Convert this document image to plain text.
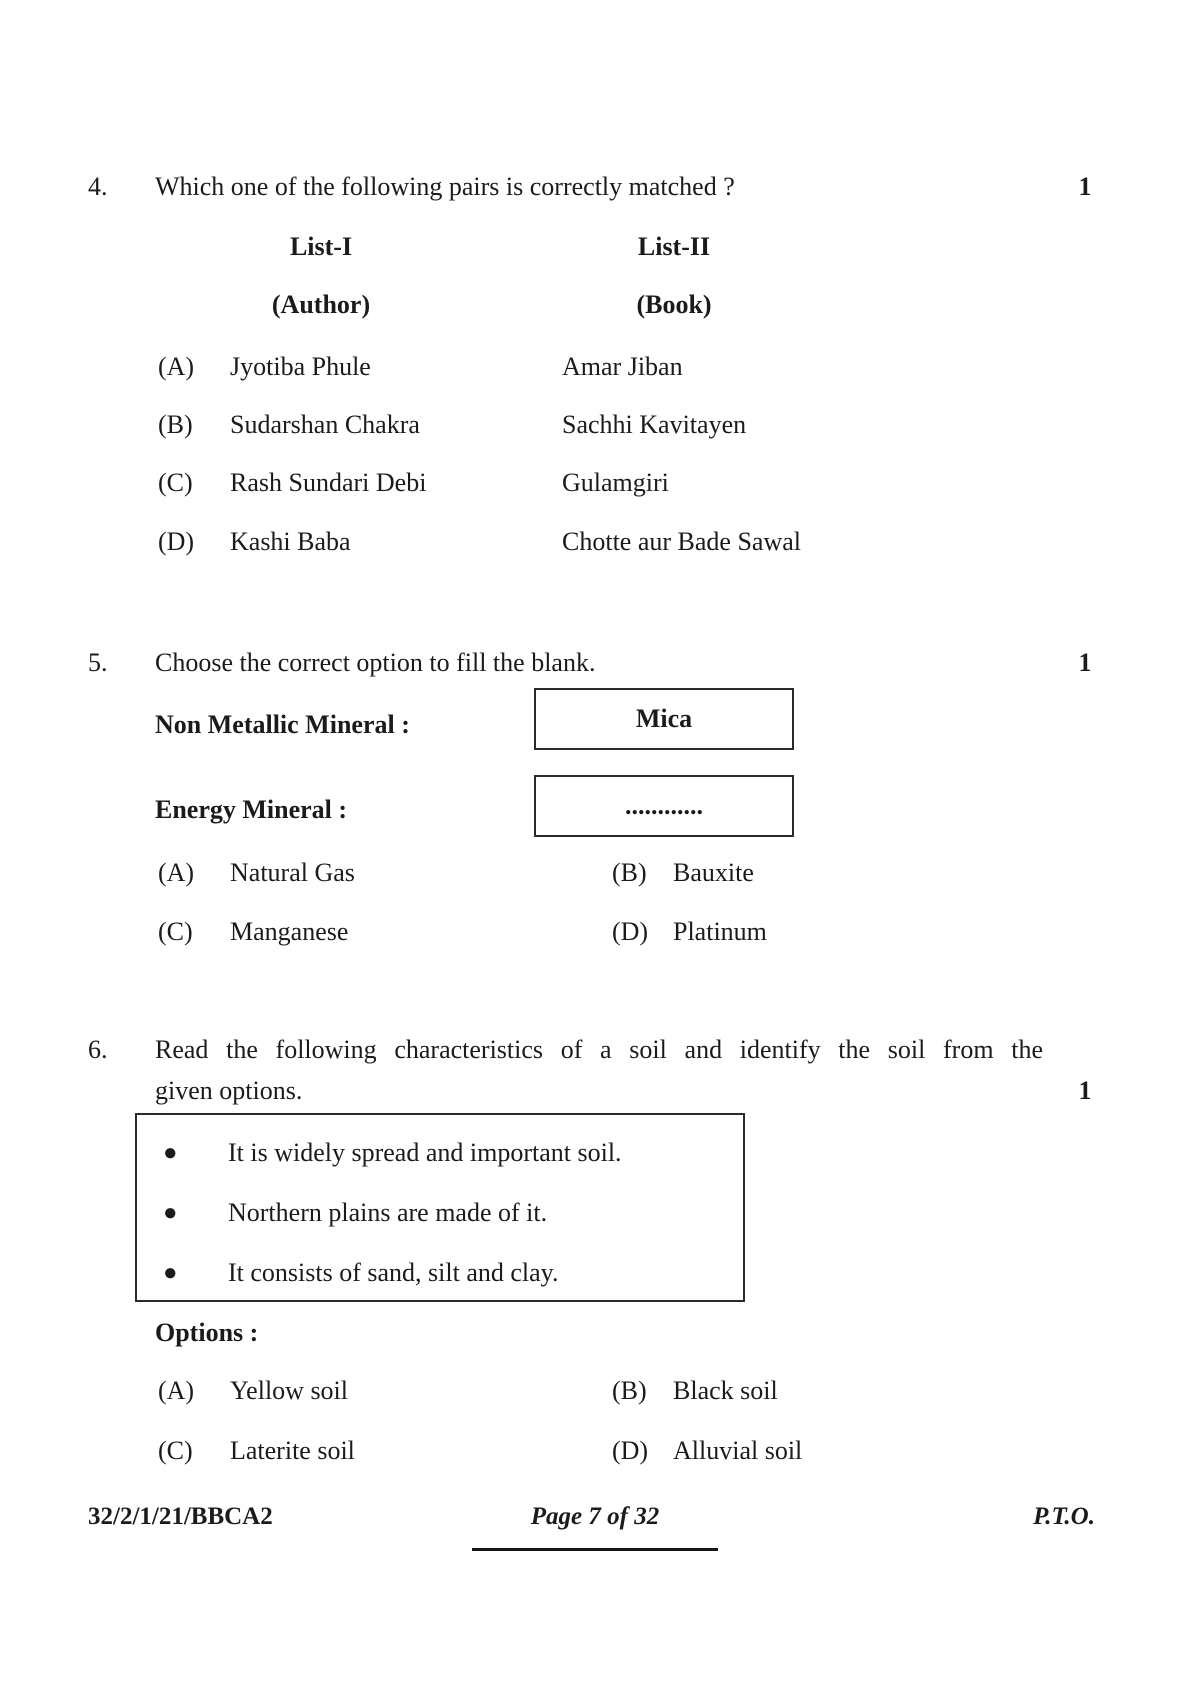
4. Which one of the following pairs is correctly matched ?	1
List-I	List-II
(Author)	(Book)
(A) Jyotiba Phule	Amar Jiban
(B) Sudarshan Chakra	Sachhi Kavitayen
(C) Rash Sundari Debi	Gulamgiri
(D) Kashi Baba	Chotte aur Bade Sawal
5. Choose the correct option to fill the blank.	1
Non Metallic Mineral :	Mica
Energy Mineral :	............
(A) Natural Gas	(B) Bauxite
(C) Manganese	(D) Platinum
6. Read the following characteristics of a soil and identify the soil from the
given options.	1
● It is widely spread and important soil.
● Northern plains are made of it.
● It consists of sand, silt and clay.
Options :
(A) Yellow soil	(B) Black soil
(C) Laterite soil	(D) Alluvial soil
32/2/1/21/BBCA2	Page 7 of 32	P.T.O.
